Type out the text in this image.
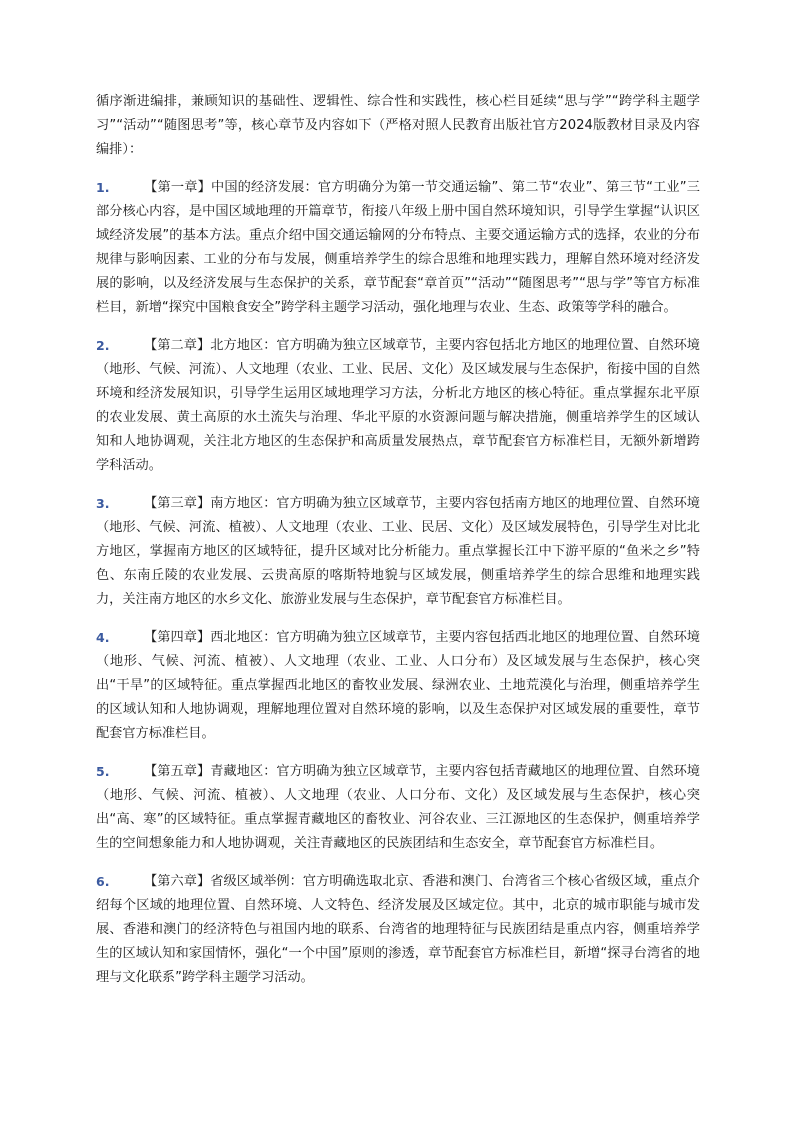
循序渐进编排，兼顾知识的基础性、逻辑性、综合性和实践性，核心栏目延续“思与学”“跨学科主题学习”“活动”“随图思考”等，核心章节及内容如下（严格对照人民教育出版社官方2024版教材目录及内容编排）：

1.	【第一章】中国的经济发展：官方明确分为第一节交通运输”、第二节“农业”、第三节“工业”三部分核心内容，是中国区域地理的开篇章节，衔接八年级上册中国自然环境知识，引导学生掌握“认识区域经济发展”的基本方法。重点介绍中国交通运输网的分布特点、主要交通运输方式的选择，农业的分布规律与影响因素、工业的分布与发展，侧重培养学生的综合思维和地理实践力，理解自然环境对经济发展的影响，以及经济发展与生态保护的关系，章节配套“章首页”“活动”“随图思考”“思与学”等官方标准栏目，新增“探究中国粮食安全”跨学科主题学习活动，强化地理与农业、生态、政策等学科的融合。
2.	【第二章】北方地区：官方明确为独立区域章节，主要内容包括北方地区的地理位置、自然环境（地形、气候、河流）、人文地理（农业、工业、民居、文化）及区域发展与生态保护，衔接中国的自然环境和经济发展知识，引导学生运用区域地理学习方法，分析北方地区的核心特征。重点掌握东北平原的农业发展、黄土高原的水土流失与治理、华北平原的水资源问题与解决措施，侧重培养学生的区域认知和人地协调观，关注北方地区的生态保护和高质量发展热点，章节配套官方标准栏目，无额外新增跨学科活动。
3.	【第三章】南方地区：官方明确为独立区域章节，主要内容包括南方地区的地理位置、自然环境（地形、气候、河流、植被）、人文地理（农业、工业、民居、文化）及区域发展特色，引导学生对比北方地区，掌握南方地区的区域特征，提升区域对比分析能力。重点掌握长江中下游平原的“鱼米之乡”特色、东南丘陵的农业发展、云贵高原的喀斯特地貌与区域发展，侧重培养学生的综合思维和地理实践力，关注南方地区的水乡文化、旅游业发展与生态保护，章节配套官方标准栏目。
4.	【第四章】西北地区：官方明确为独立区域章节，主要内容包括西北地区的地理位置、自然环境（地形、气候、河流、植被）、人文地理（农业、工业、人口分布）及区域发展与生态保护，核心突出“干旱”的区域特征。重点掌握西北地区的畜牧业发展、绿洲农业、土地荒漠化与治理，侧重培养学生的区域认知和人地协调观，理解地理位置对自然环境的影响，以及生态保护对区域发展的重要性，章节配套官方标准栏目。
5.	【第五章】青藏地区：官方明确为独立区域章节，主要内容包括青藏地区的地理位置、自然环境（地形、气候、河流、植被）、人文地理（农业、人口分布、文化）及区域发展与生态保护，核心突出“高、寒”的区域特征。重点掌握青藏地区的畜牧业、河谷农业、三江源地区的生态保护，侧重培养学生的空间想象能力和人地协调观，关注青藏地区的民族团结和生态安全，章节配套官方标准栏目。
6.	【第六章】省级区域举例：官方明确选取北京、香港和澳门、台湾省三个核心省级区域，重点介绍每个区域的地理位置、自然环境、人文特色、经济发展及区域定位。其中，北京的城市职能与城市发展、香港和澳门的经济特色与祖国内地的联系、台湾省的地理特征与民族团结是重点内容，侧重培养学生的区域认知和家国情怀，强化“一个中国”原则的渗透，章节配套官方标准栏目，新增“探寻台湾省的地理与文化联系”跨学科主题学习活动。
